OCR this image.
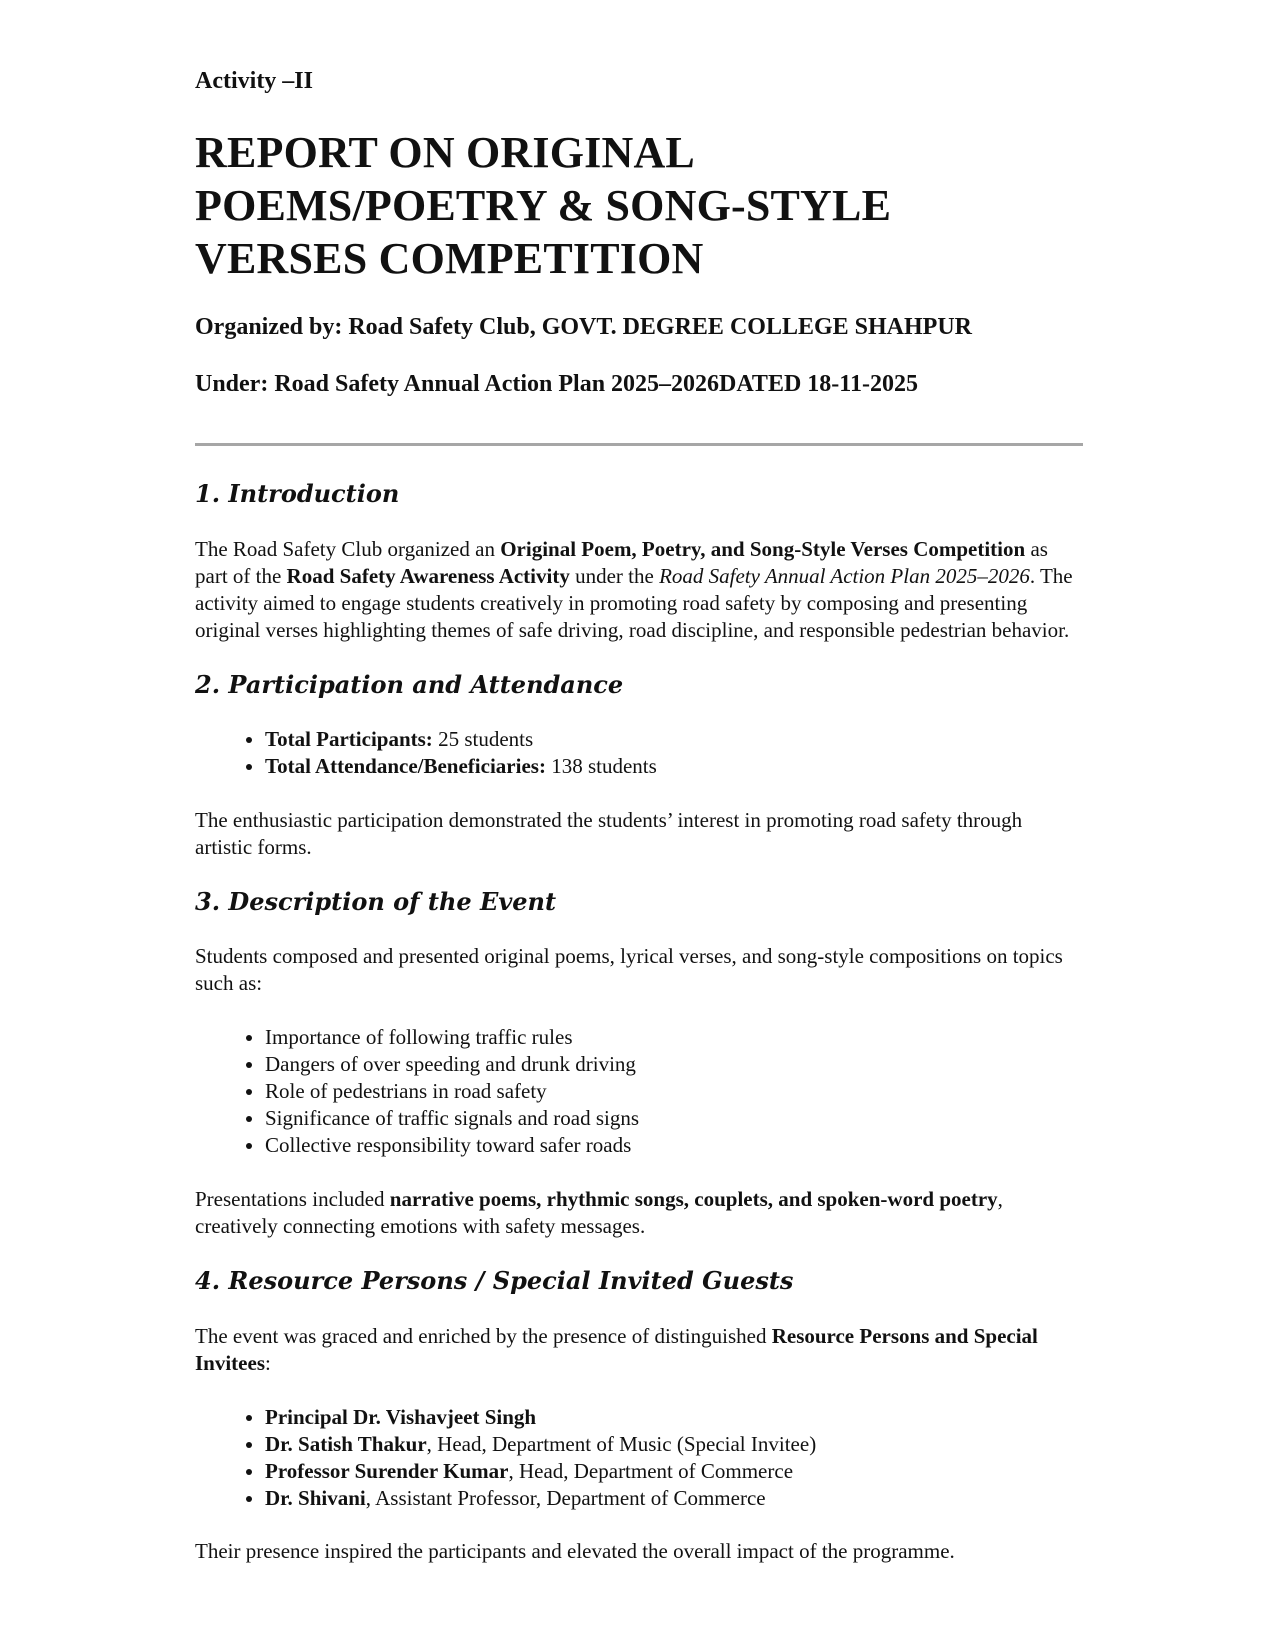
Activity –II

REPORT ON ORIGINAL
POEMS/POETRY & SONG-STYLE
VERSES COMPETITION

Organized by: Road Safety Club, GOVT. DEGREE COLLEGE SHAHPUR

Under: Road Safety Annual Action Plan 2025–2026DATED 18-11-2025

1. Introduction

The Road Safety Club organized an Original Poem, Poetry, and Song-Style Verses Competition as part of the Road Safety Awareness Activity under the Road Safety Annual Action Plan 2025–2026. The activity aimed to engage students creatively in promoting road safety by composing and presenting original verses highlighting themes of safe driving, road discipline, and responsible pedestrian behavior.

2. Participation and Attendance
• Total Participants: 25 students
• Total Attendance/Beneficiaries: 138 students

The enthusiastic participation demonstrated the students’ interest in promoting road safety through artistic forms.

3. Description of the Event

Students composed and presented original poems, lyrical verses, and song-style compositions on topics such as:

• Importance of following traffic rules
• Dangers of over speeding and drunk driving
• Role of pedestrians in road safety
• Significance of traffic signals and road signs
• Collective responsibility toward safer roads

Presentations included narrative poems, rhythmic songs, couplets, and spoken-word poetry, creatively connecting emotions with safety messages.

4. Resource Persons / Special Invited Guests

The event was graced and enriched by the presence of distinguished Resource Persons and Special Invitees:

• Principal Dr. Vishavjeet Singh
• Dr. Satish Thakur, Head, Department of Music (Special Invitee)
• Professor Surender Kumar, Head, Department of Commerce
• Dr. Shivani, Assistant Professor, Department of Commerce

Their presence inspired the participants and elevated the overall impact of the programme.
